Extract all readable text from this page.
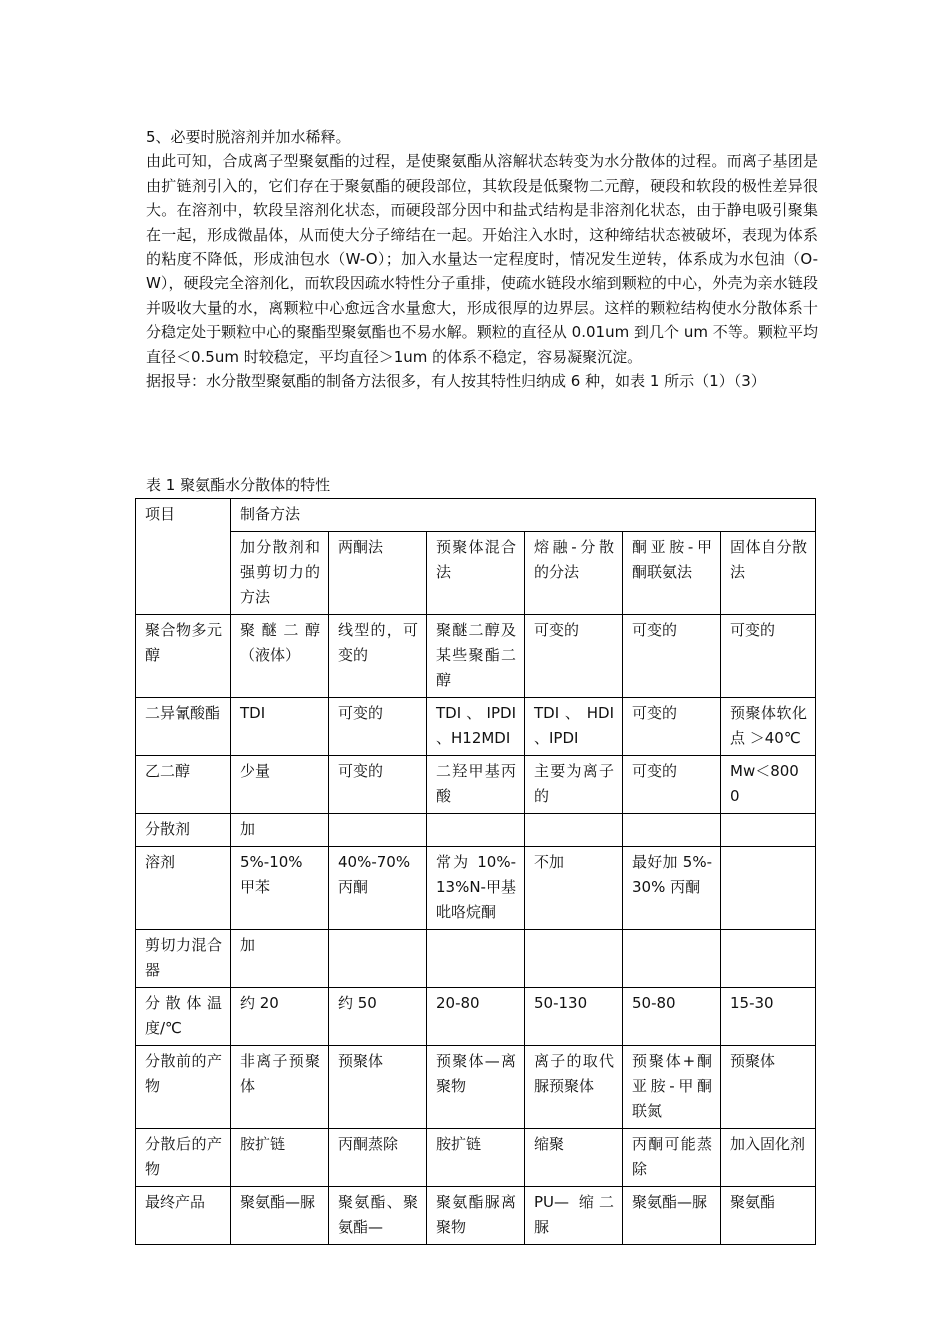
5、必要时脱溶剂并加水稀释。

由此可知，合成离子型聚氨酯的过程，是使聚氨酯从溶解状态转变为水分散体的过程。而离子基团是由扩链剂引入的，它们存在于聚氨酯的硬段部位，其软段是低聚物二元醇，硬段和软段的极性差异很大。在溶剂中，软段呈溶剂化状态，而硬段部分因中和盐式结构是非溶剂化状态，由于静电吸引聚集在一起，形成微晶体，从而使大分子缔结在一起。开始注入水时，这种缔结状态被破坏，表现为体系的粘度不降低，形成油包水（W-O）；加入水量达一定程度时，情况发生逆转，体系成为水包油（O-W），硬段完全溶剂化，而软段因疏水特性分子重排，使疏水链段水缩到颗粒的中心，外壳为亲水链段并吸收大量的水，离颗粒中心愈远含水量愈大，形成很厚的边界层。这样的颗粒结构使水分散体系十分稳定处于颗粒中心的聚酯型聚氨酯也不易水解。颗粒的直径从 0.01um 到几个 um 不等。颗粒平均直径＜0.5um 时较稳定，平均直径＞1um 的体系不稳定，容易凝聚沉淀。

据报导：水分散型聚氨酯的制备方法很多，有人按其特性归纳成 6 种，如表 1 所示（1）（3）

表 1 聚氨酯水分散体的特性
项目	制备方法					
	加分散剂和强剪切力的方法	两酮法	预聚体混合法	熔融-分散的分法	酮亚胺-甲酮联氨法	固体自分散法
聚合物多元醇	聚醚二醇（液体）	线型的，可变的	聚醚二醇及某些聚酯二醇	可变的	可变的	可变的
二异氰酸酯	TDI	可变的	TDI 、 IPDI 、H12MDI	TDI 、 HDI 、IPDI	可变的	预聚体软化点 ＞40℃
乙二醇	少量	可变的	二羟甲基丙酸	主要为离子的	可变的	Mw＜8000
分散剂	加					
溶剂	5%-10% 甲苯	40%-70%丙酮	常为 10%-13%N-甲基吡咯烷酮	不加	最好加 5%-30% 丙酮	
剪切力混合器	加					
分散体温度/℃	约 20	约 50	20-80	50-130	50-80	15-30
分散前的产物	非离子预聚体	预聚体	预聚体—离聚物	离子的取代脲预聚体	预聚体+酮亚胺-甲酮联氮	预聚体
分散后的产物	胺扩链	丙酮蒸除	胺扩链	缩聚	丙酮可能蒸除	加入固化剂
最终产品	聚氨酯—脲	聚氨酯、聚氨酯—	聚氨酯脲离聚物	PU— 缩二脲	聚氨酯—脲	聚氨酯
